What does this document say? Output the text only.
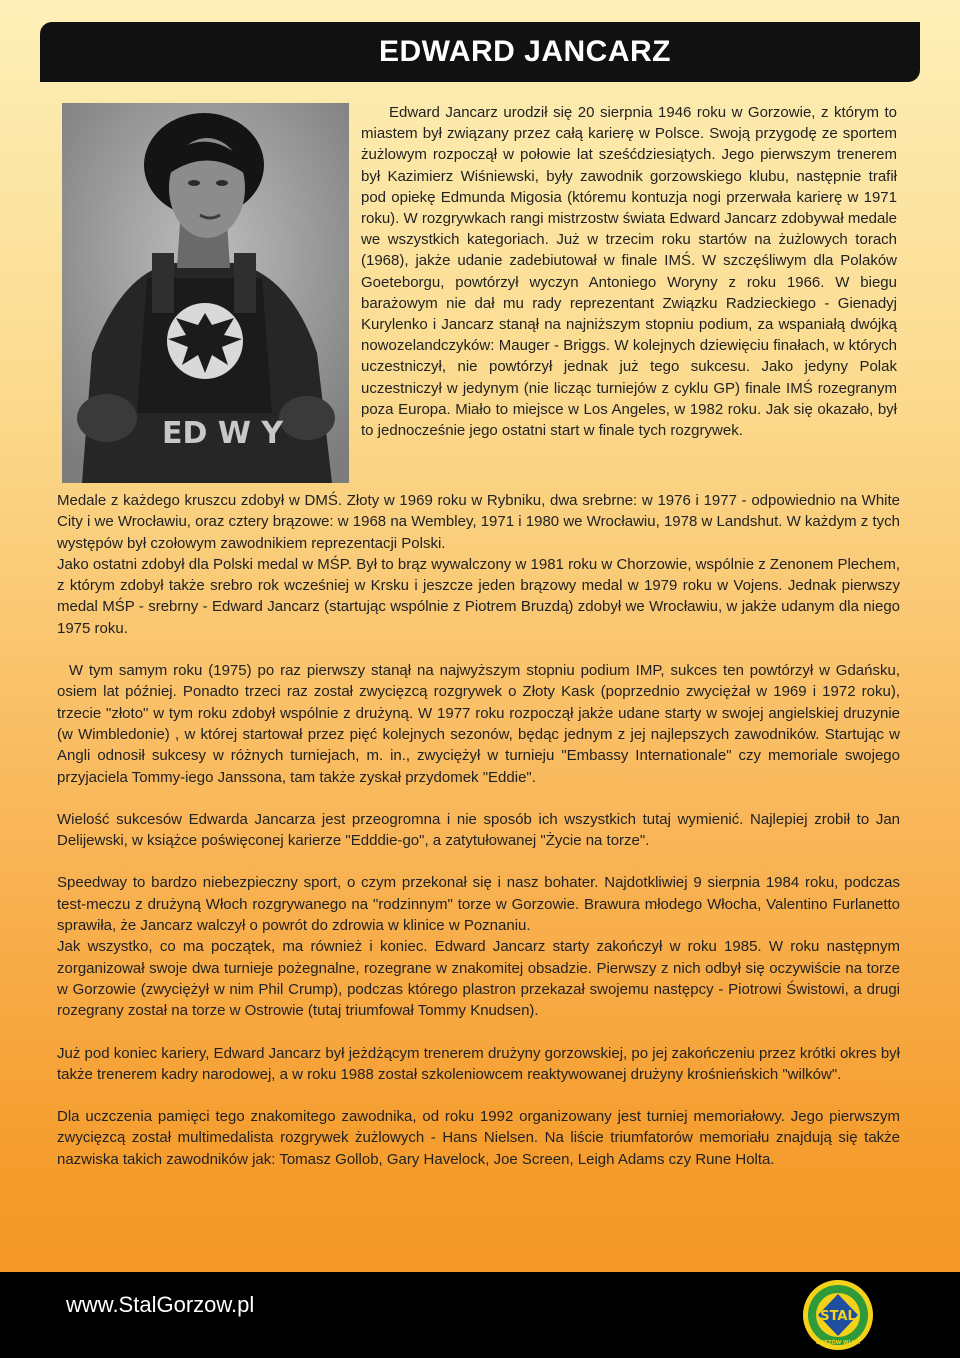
EDWARD JANCARZ
ED W Y

Edward Jancarz urodził się 20 sierpnia 1946 roku w Gorzowie, z którym to miastem był związany przez całą karierę w Polsce. Swoją przygodę ze sportem żużlowym rozpoczął w połowie lat sześćdziesiątych. Jego pierwszym trenerem był Kazimierz Wiśniewski, były zawodnik gorzowskiego klubu, następnie trafił pod opiekę Edmunda Migosia (któremu kontuzja nogi przerwała karierę w 1971 roku). W rozgrywkach rangi mistrzostw świata Edward Jancarz zdobywał medale we wszystkich kategoriach. Już w trzecim roku startów na żużlowych torach (1968), jakże udanie zadebiutował w finale IMŚ. W szczęśliwym dla Polaków Goeteborgu, powtórzył wyczyn Antoniego Woryny z roku 1966. W biegu barażowym nie dał mu rady reprezentant Związku Radzieckiego - Gienadyj Kurylenko i Jancarz stanął na najniższym stopniu podium, za wspaniałą dwójką nowozelandczyków: Mauger - Briggs. W kolejnych dziewięciu finałach, w których uczestniczył, nie powtórzył jednak już tego sukcesu. Jako jedyny Polak uczestniczył w jedynym (nie licząc turniejów z cyklu GP) finale IMŚ rozegranym poza Europa. Miało to miejsce w Los Angeles, w 1982 roku. Jak się okazało, był to jednocześnie jego ostatni start w finale tych rozgrywek.

Medale z każdego kruszcu zdobył w DMŚ. Złoty w 1969 roku w Rybniku, dwa srebrne: w 1976 i 1977 - odpowiednio na White City i we Wrocławiu, oraz cztery brązowe: w 1968 na Wembley, 1971 i 1980 we Wrocławiu, 1978 w Landshut. W każdym z tych występów był czołowym zawodnikiem reprezentacji Polski.

Jako ostatni zdobył dla Polski medal w MŚP. Był to brąz wywalczony w 1981 roku w Chorzowie, wspólnie z Zenonem Plechem, z którym zdobył także srebro rok wcześniej w Krsku i jeszcze jeden brązowy medal w 1979 roku w Vojens. Jednak pierwszy medal MŚP - srebrny - Edward Jancarz (startując wspólnie z Piotrem Bruzdą) zdobył we Wrocławiu, w jakże udanym dla niego 1975 roku.

W tym samym roku (1975) po raz pierwszy stanął na najwyższym stopniu podium IMP, sukces ten powtórzył w Gdańsku, osiem lat później. Ponadto trzeci raz został zwycięzcą rozgrywek o Złoty Kask (poprzednio zwyciężał w 1969 i 1972 roku), trzecie "złoto" w tym roku zdobył wspólnie z drużyną. W 1977 roku rozpoczął jakże udane starty w swojej angielskiej druzynie (w Wimbledonie) , w której startował przez pięć kolejnych sezonów, będąc jednym z jej najlepszych zawodników. Startując w Angli odnosił sukcesy w różnych turniejach, m. in., zwyciężył w turnieju "Embassy Internationale" czy memoriale swojego przyjaciela Tommy-iego Janssona, tam także zyskał przydomek "Eddie".

Wielość sukcesów Edwarda Jancarza jest przeogromna i nie sposób ich wszystkich tutaj wymienić. Najlepiej zrobił to Jan Delijewski, w książce poświęconej karierze "Edddie-go", a zatytułowanej "Życie na torze".

Speedway to bardzo niebezpieczny sport, o czym przekonał się i nasz bohater. Najdotkliwiej 9 sierpnia 1984 roku, podczas test-meczu z drużyną Włoch rozgrywanego na "rodzinnym" torze w Gorzowie. Brawura młodego Włocha, Valentino Furlanetto sprawiła, że Jancarz walczył o powrót do zdrowia w klinice w Poznaniu.

Jak wszystko, co ma początek, ma również i koniec. Edward Jancarz starty zakończył w roku 1985. W roku następnym zorganizował swoje dwa turnieje pożegnalne, rozegrane w znakomitej obsadzie. Pierwszy z nich odbył się oczywiście na torze w Gorzowie (zwyciężył w nim Phil Crump), podczas którego plastron przekazał swojemu następcy - Piotrowi Świstowi, a drugi rozegrany został na torze w Ostrowie (tutaj triumfował Tommy Knudsen).

Już pod koniec kariery, Edward Jancarz był jeżdżącym trenerem drużyny gorzowskiej, po jej zakończeniu przez krótki okres był także trenerem kadry narodowej, a w roku 1988 został szkoleniowcem reaktywowanej drużyny krośnieńskich "wilków".

Dla uczczenia pamięci tego znakomitego zawodnika, od roku 1992 organizowany jest turniej memoriałowy. Jego pierwszym zwycięzcą został multimedalista rozgrywek żużlowych - Hans Nielsen. Na liście triumfatorów memoriału znajdują się także nazwiska takich zawodników jak: Tomasz Gollob, Gary Havelock, Joe Screen, Leigh Adams czy Rune Holta.

www.StalGorzow.pl	STAL
GORZÓW WLKP.
